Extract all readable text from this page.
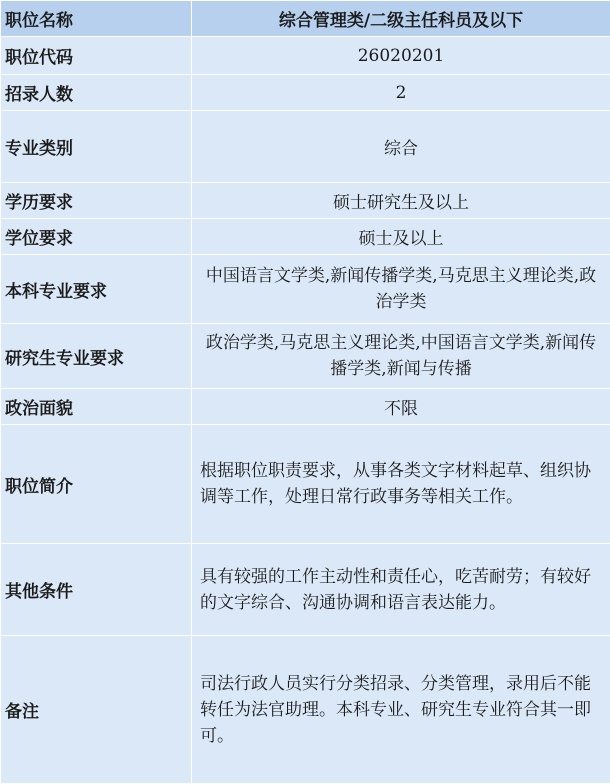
职位名称	综合管理类/二级主任科员及以下
职位代码	26020201
招录人数	2
专业类别	综合
学历要求	硕士研究生及以上
学位要求	硕士及以上
本科专业要求	中国语言文学类,新闻传播学类,马克思主义理论类,政治学类
研究生专业要求	政治学类,马克思主义理论类,中国语言文学类,新闻传播学类,新闻与传播
政治面貌	不限
职位简介	根据职位职责要求，从事各类文字材料起草、组织协调等工作，处理日常行政事务等相关工作。
其他条件	具有较强的工作主动性和责任心，吃苦耐劳；有较好的文字综合、沟通协调和语言表达能力。
备注	司法行政人员实行分类招录、分类管理，录用后不能转任为法官助理。本科专业、研究生专业符合其一即可。
